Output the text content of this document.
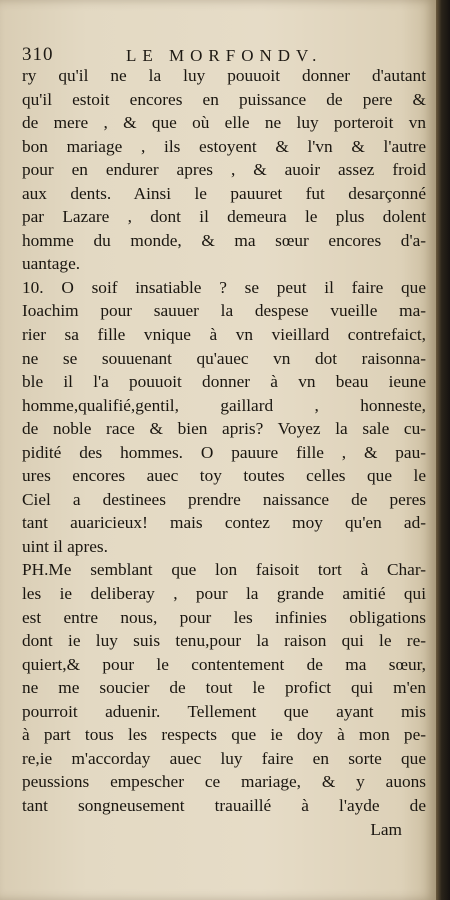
310	LE MORFONDV.
ry qu'il ne la luy pouuoit donner d'autant
qu'il estoit encores en puissance de pere &
de mere , & que où elle ne luy porteroit vn
bon mariage , ils estoyent & l'vn & l'autre
pour en endurer apres , & auoir assez froid
aux dents. Ainsi le pauuret fut desarçonné
par Lazare , dont il demeura le plus dolent
homme du monde, & ma sœur encores d'a-
uantage.
10. O soif insatiable ? se peut il faire que
Ioachim pour sauuer la despese vueille ma-
rier sa fille vnique à vn vieillard contrefaict,
ne se souuenant qu'auec vn dot raisonna-
ble il l'a pouuoit donner à vn beau ieune
homme,qualifié,gentil, gaillard , honneste,
de noble race & bien apris? Voyez la sale cu-
pidité des hommes. O pauure fille , & pau-
ures encores auec toy toutes celles que le
Ciel a destinees prendre naissance de peres
tant auaricieux! mais contez moy qu'en ad-
uint il apres.
PH.Me semblant que lon faisoit tort à Char-
les ie deliberay , pour la grande amitié qui
est entre nous, pour les infinies obligations
dont ie luy suis tenu,pour la raison qui le re-
quiert,& pour le contentement de ma sœur,
ne me soucier de tout le profict qui m'en
pourroit aduenir. Tellement que ayant mis
à part tous les respects que ie doy à mon pe-
re,ie m'accorday auec luy faire en sorte que
peussions empescher ce mariage, & y auons
tant songneusement trauaillé à l'ayde de
Lam
